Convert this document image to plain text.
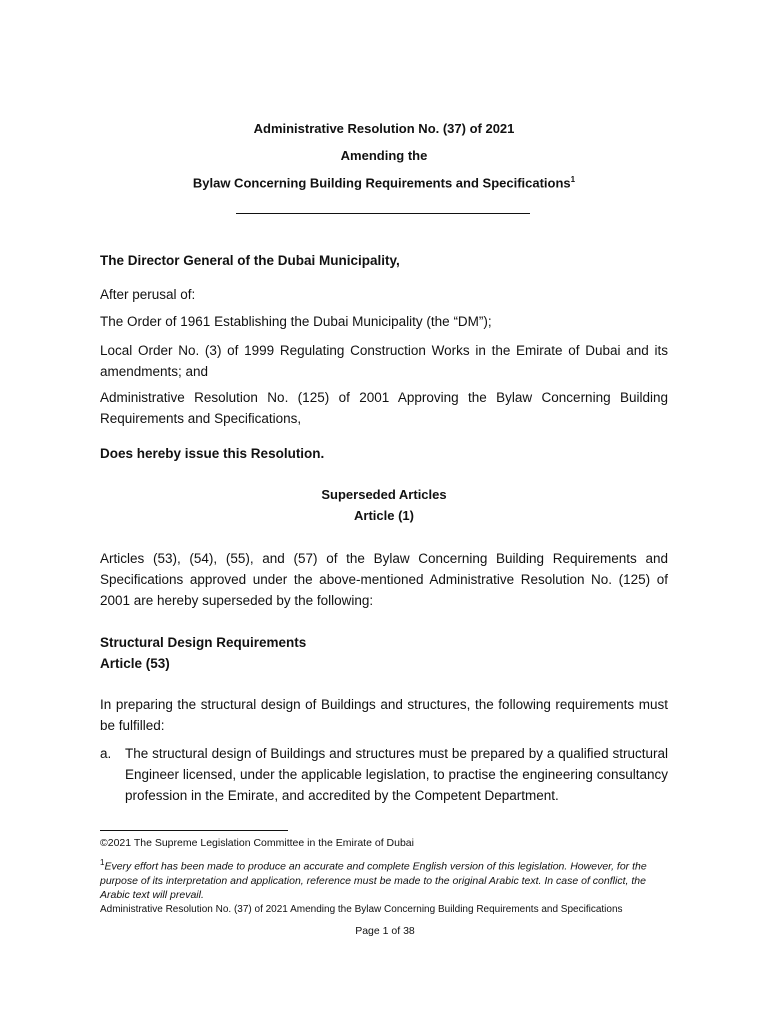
Administrative Resolution No. (37) of 2021
Amending the
Bylaw Concerning Building Requirements and Specifications$^1$
The Director General of the Dubai Municipality,
After perusal of:
The Order of 1961 Establishing the Dubai Municipality (the “DM”);
Local Order No. (3) of 1999 Regulating Construction Works in the Emirate of Dubai and its amendments; and
Administrative Resolution No. (125) of 2001 Approving the Bylaw Concerning Building Requirements and Specifications,
Does hereby issue this Resolution.
Superseded Articles
Article (1)
Articles (53), (54), (55), and (57) of the Bylaw Concerning Building Requirements and Specifications approved under the above-mentioned Administrative Resolution No. (125) of 2001 are hereby superseded by the following:
Structural Design Requirements
Article (53)
In preparing the structural design of Buildings and structures, the following requirements must be fulfilled:
a. The structural design of Buildings and structures must be prepared by a qualified structural Engineer licensed, under the applicable legislation, to practise the engineering consultancy profession in the Emirate, and accredited by the Competent Department.
©2021 The Supreme Legislation Committee in the Emirate of Dubai
$^1$Every effort has been made to produce an accurate and complete English version of this legislation. However, for the purpose of its interpretation and application, reference must be made to the original Arabic text. In case of conflict, the Arabic text will prevail.
Administrative Resolution No. (37) of 2021 Amending the Bylaw Concerning Building Requirements and Specifications
Page 1 of 38
